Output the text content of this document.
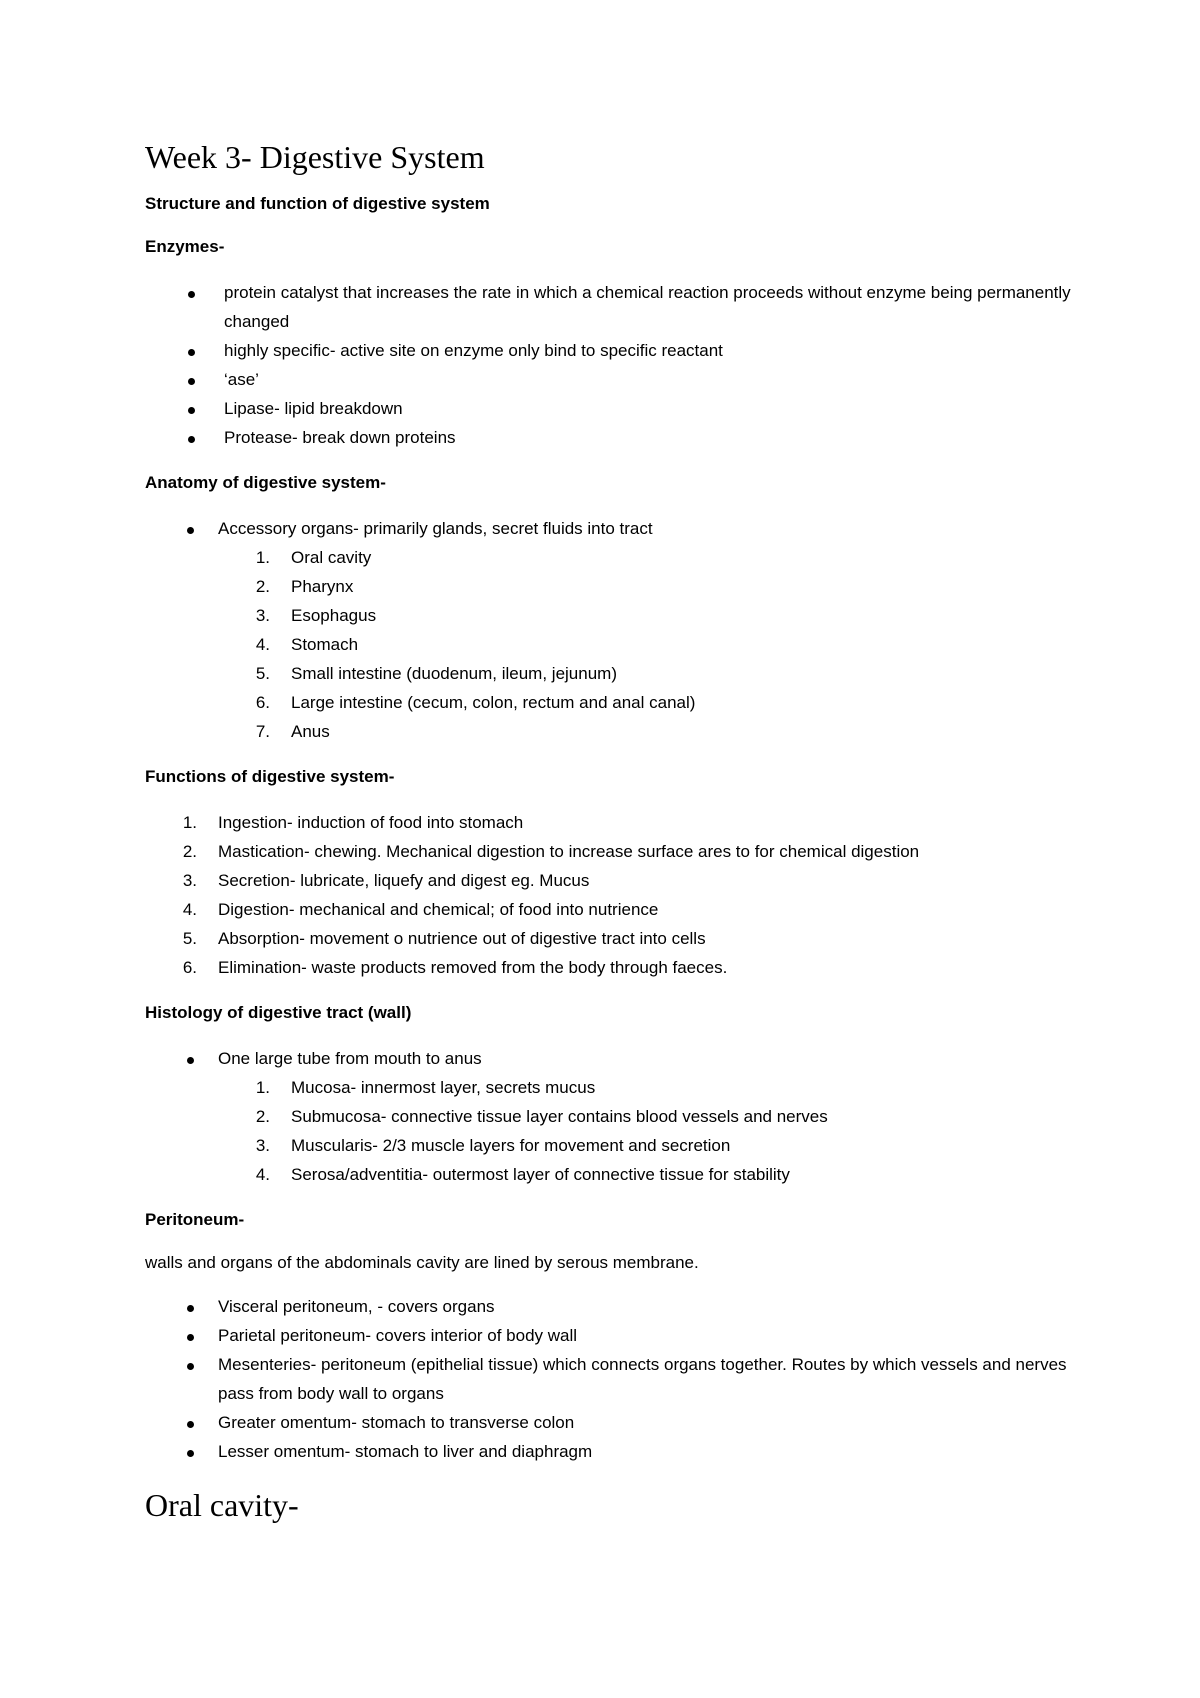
Week 3- Digestive System
Structure and function of digestive system
Enzymes-
protein catalyst that increases the rate in which a chemical reaction proceeds without enzyme being permanently changed
highly specific- active site on enzyme only bind to specific reactant
‘ase’
Lipase- lipid breakdown
Protease- break down proteins
Anatomy of digestive system-
Accessory organs- primarily glands, secret fluids into tract
1. Oral cavity
2. Pharynx
3. Esophagus
4. Stomach
5. Small intestine (duodenum, ileum, jejunum)
6. Large intestine (cecum, colon, rectum and anal canal)
7. Anus
Functions of digestive system-
1. Ingestion- induction of food into stomach
2. Mastication- chewing. Mechanical digestion to increase surface ares to for chemical digestion
3. Secretion- lubricate, liquefy and digest eg. Mucus
4. Digestion- mechanical and chemical; of food into nutrience
5. Absorption- movement o nutrience out of digestive tract into cells
6. Elimination- waste products removed from the body through faeces.
Histology of digestive tract (wall)
One large tube from mouth to anus
1. Mucosa- innermost layer, secrets mucus
2. Submucosa- connective tissue layer contains blood vessels and nerves
3. Muscularis- 2/3 muscle layers for movement and secretion
4. Serosa/adventitia- outermost layer of connective tissue for stability
Peritoneum-

walls and organs of the abdominals cavity are lined by serous membrane.

Visceral peritoneum, - covers organs
Parietal peritoneum- covers interior of body wall
Mesenteries- peritoneum (epithelial tissue) which connects organs together. Routes by which vessels and nerves pass from body wall to organs
Greater omentum- stomach to transverse colon
Lesser omentum- stomach to liver and diaphragm
Oral cavity-
